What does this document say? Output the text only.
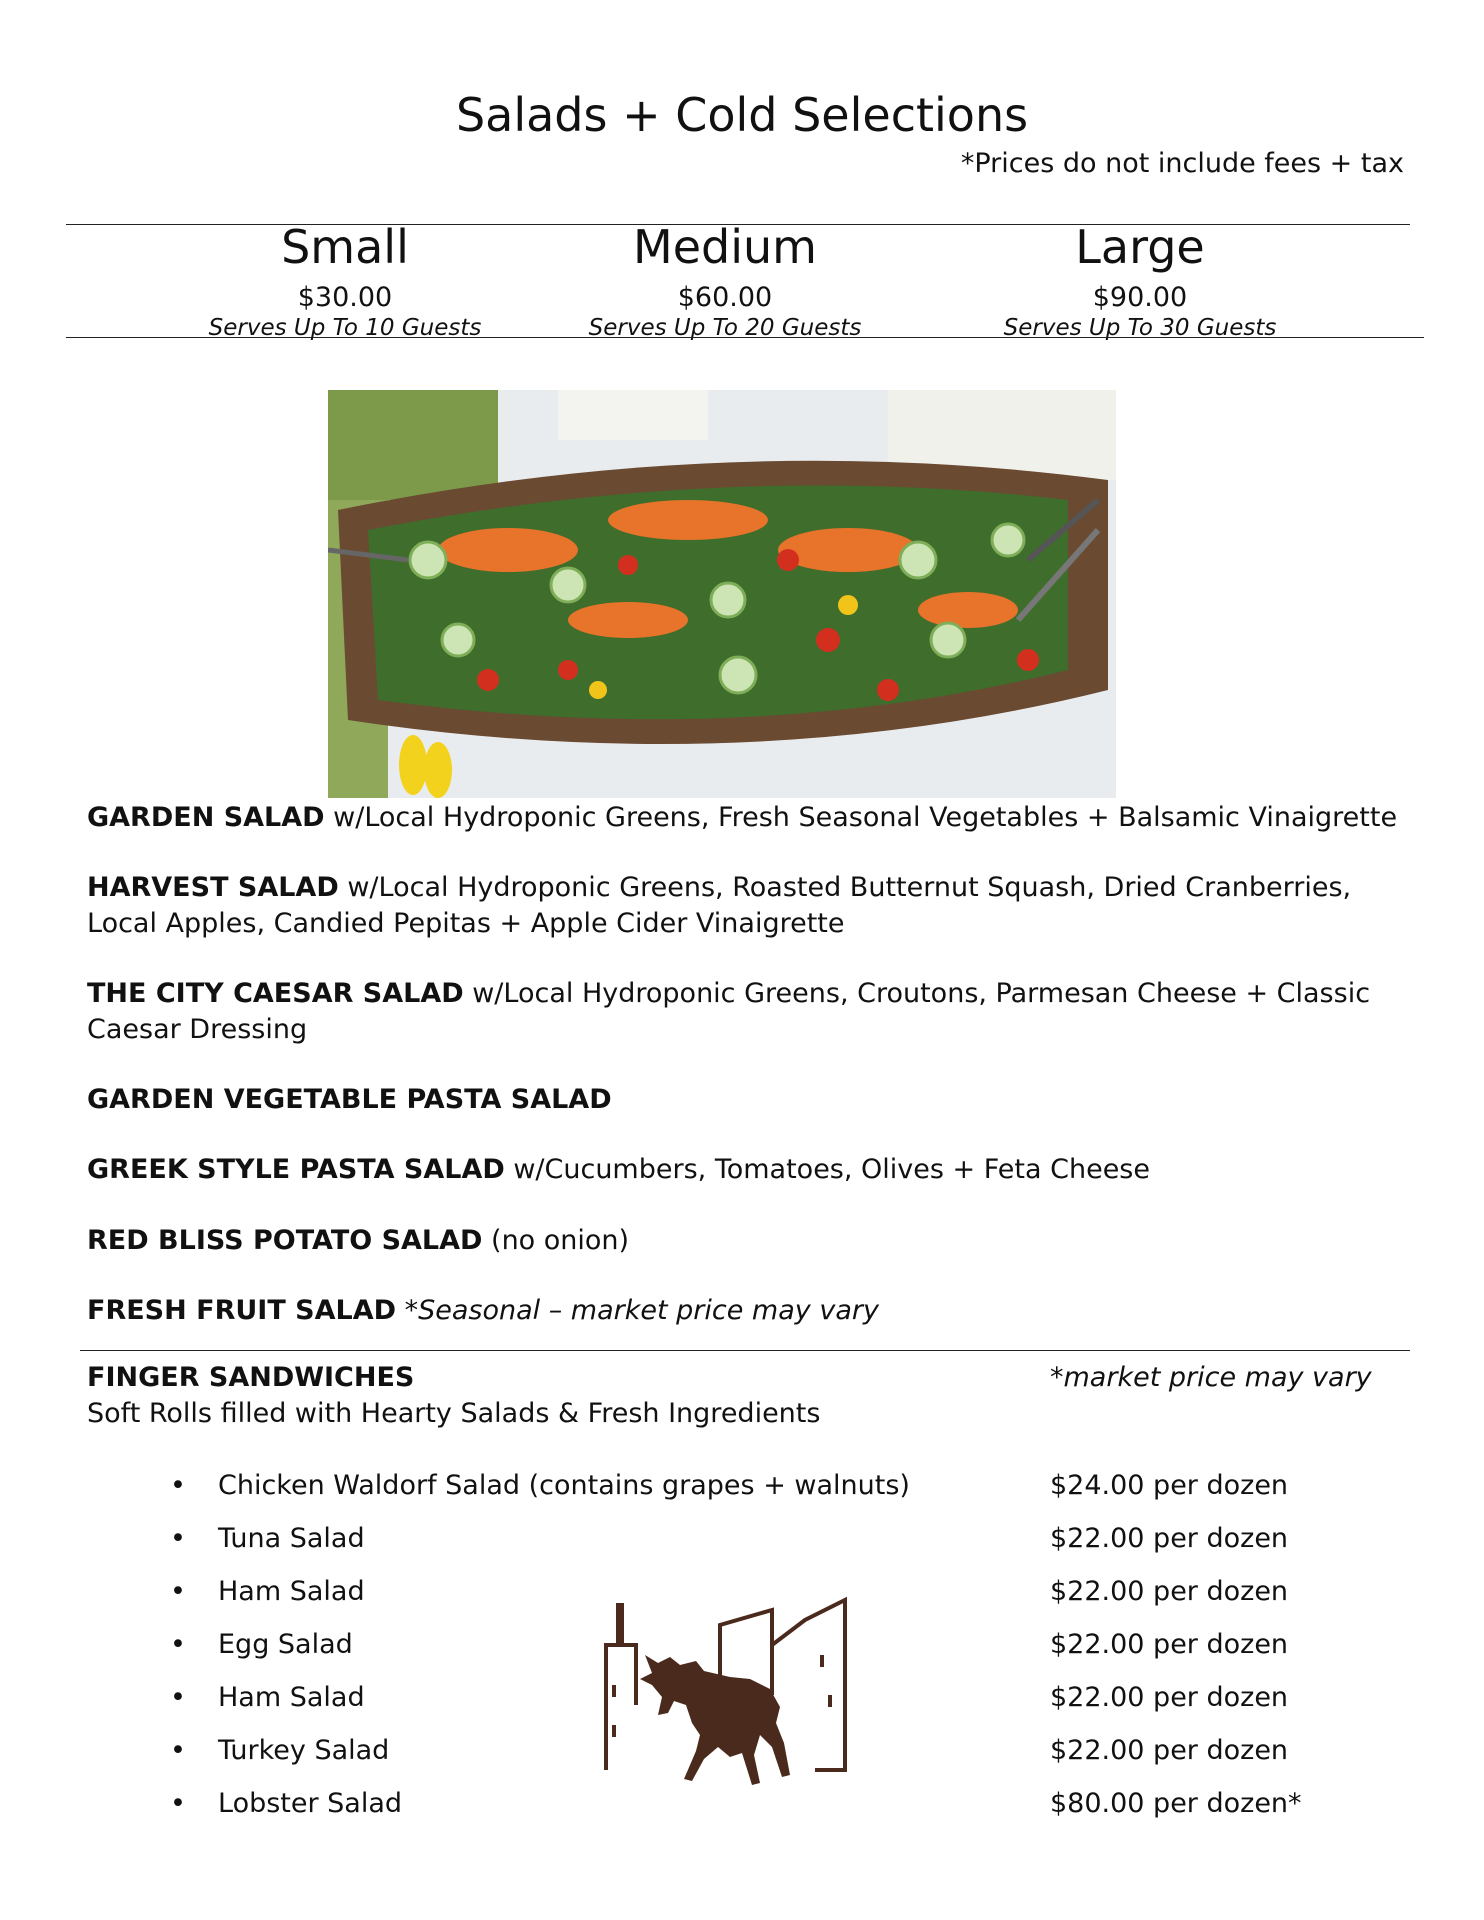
Salads + Cold Selections
*Prices do not include fees + tax
Small
$30.00
Serves Up To 10 Guests
Medium
$60.00
Serves Up To 20 Guests
Large
$90.00
Serves Up To 30 Guests
GARDEN SALAD w/Local Hydroponic Greens, Fresh Seasonal Vegetables + Balsamic Vinaigrette
HARVEST SALAD w/Local Hydroponic Greens, Roasted Butternut Squash, Dried Cranberries, Local Apples, Candied Pepitas + Apple Cider Vinaigrette
THE CITY CAESAR SALAD w/Local Hydroponic Greens, Croutons, Parmesan Cheese + Classic Caesar Dressing
GARDEN VEGETABLE PASTA SALAD
GREEK STYLE PASTA SALAD w/Cucumbers, Tomatoes, Olives + Feta Cheese
RED BLISS POTATO SALAD (no onion)
FRESH FRUIT SALAD *Seasonal – market price may vary
FINGER SANDWICHES
Soft Rolls filled with Hearty Salads & Fresh Ingredients
*market price may vary
• Chicken Waldorf Salad (contains grapes + walnuts)	$24.00 per dozen
• Tuna Salad	$22.00 per dozen
• Ham Salad	$22.00 per dozen
• Egg Salad	$22.00 per dozen
• Ham Salad	$22.00 per dozen
• Turkey Salad	$22.00 per dozen
• Lobster Salad	$80.00 per dozen*
